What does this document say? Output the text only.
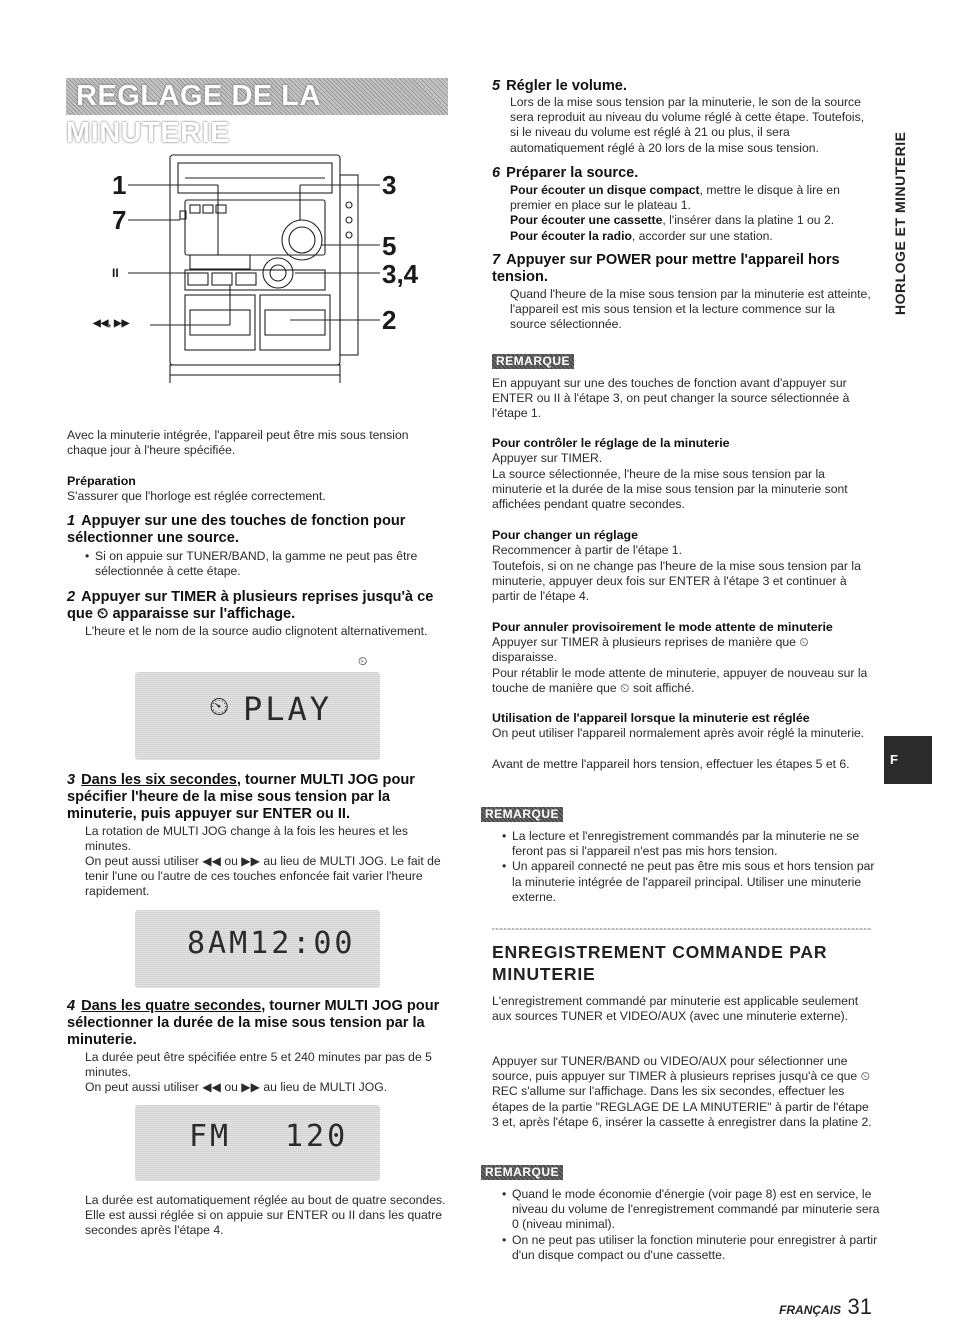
REGLAGE DE LA MINUTERIE
1
7
II
◀◀, ▶▶
3
5
3,4
2
Avec la minuterie intégrée, l'appareil peut être mis sous tension chaque jour à l'heure spécifiée.
Préparation
S'assurer que l'horloge est réglée correctement.
1 Appuyer sur une des touches de fonction pour sélectionner une source.
• Si on appuie sur TUNER/BAND, la gamme ne peut pas être sélectionnée à cette étape.
2 Appuyer sur TIMER à plusieurs reprises jusqu'à ce que ⏲ apparaisse sur l'affichage.
L'heure et le nom de la source audio clignotent alternativement.
⏲
⏲ PLAY
3 Dans les six secondes, tourner MULTI JOG pour spécifier l'heure de la mise sous tension par la minuterie, puis appuyer sur ENTER ou II.
La rotation de MULTI JOG change à la fois les heures et les minutes.
On peut aussi utiliser ◀◀ ou ▶▶ au lieu de MULTI JOG. Le fait de tenir l'une ou l'autre de ces touches enfoncée fait varier l'heure rapidement.
8AM12:00
4 Dans les quatre secondes, tourner MULTI JOG pour sélectionner la durée de la mise sous tension par la minuterie.
La durée peut être spécifiée entre 5 et 240 minutes par pas de 5 minutes.
On peut aussi utiliser ◀◀ ou ▶▶ au lieu de MULTI JOG.
FM 120
La durée est automatiquement réglée au bout de quatre secondes. Elle est aussi réglée si on appuie sur ENTER ou II dans les quatre secondes après l'étape 4.
5 Régler le volume.
Lors de la mise sous tension par la minuterie, le son de la source sera reproduit au niveau du volume réglé à cette étape. Toutefois, si le niveau du volume est réglé à 21 ou plus, il sera automatiquement réglé à 20 lors de la mise sous tension.
6 Préparer la source.
Pour écouter un disque compact, mettre le disque à lire en premier en place sur le plateau 1.
Pour écouter une cassette, l'insérer dans la platine 1 ou 2.
Pour écouter la radio, accorder sur une station.
7 Appuyer sur POWER pour mettre l'appareil hors tension.
Quand l'heure de la mise sous tension par la minuterie est atteinte, l'appareil est mis sous tension et la lecture commence sur la source sélectionnée.
REMARQUE
En appuyant sur une des touches de fonction avant d'appuyer sur ENTER ou II à l'étape 3, on peut changer la source sélectionnée à l'étape 1.
Pour contrôler le réglage de la minuterie
Appuyer sur TIMER.
La source sélectionnée, l'heure de la mise sous tension par la minuterie et la durée de la mise sous tension par la minuterie sont affichées pendant quatre secondes.
Pour changer un réglage
Recommencer à partir de l'étape 1.
Toutefois, si on ne change pas l'heure de la mise sous tension par la minuterie, appuyer deux fois sur ENTER à l'étape 3 et continuer à partir de l'étape 4.
Pour annuler provisoirement le mode attente de minuterie
Appuyer sur TIMER à plusieurs reprises de manière que ⏲ disparaisse.
Pour rétablir le mode attente de minuterie, appuyer de nouveau sur la touche de manière que ⏲ soit affiché.
Utilisation de l'appareil lorsque la minuterie est réglée
On peut utiliser l'appareil normalement après avoir réglé la minuterie.
Avant de mettre l'appareil hors tension, effectuer les étapes 5 et 6.
REMARQUE
• La lecture et l'enregistrement commandés par la minuterie ne se feront pas si l'appareil n'est pas mis hors tension.
• Un appareil connecté ne peut pas être mis sous et hors tension par la minuterie intégrée de l'appareil principal. Utiliser une minuterie externe.
ENREGISTREMENT COMMANDE PAR MINUTERIE
L'enregistrement commandé par minuterie est applicable seulement aux sources TUNER et VIDEO/AUX (avec une minuterie externe).
Appuyer sur TUNER/BAND ou VIDEO/AUX pour sélectionner une source, puis appuyer sur TIMER à plusieurs reprises jusqu'à ce que ⏲REC s'allume sur l'affichage. Dans les six secondes, effectuer les étapes de la partie "REGLAGE DE LA MINUTERIE" à partir de l'étape 3 et, après l'étape 6, insérer la cassette à enregistrer dans la platine 2.
REMARQUE
• Quand le mode économie d'énergie (voir page 8) est en service, le niveau du volume de l'enregistrement commandé par minuterie sera 0 (niveau minimal).
• On ne peut pas utiliser la fonction minuterie pour enregistrer à partir d'un disque compact ou d'une cassette.
HORLOGE ET MINUTERIE
F
FRANÇAIS 31
